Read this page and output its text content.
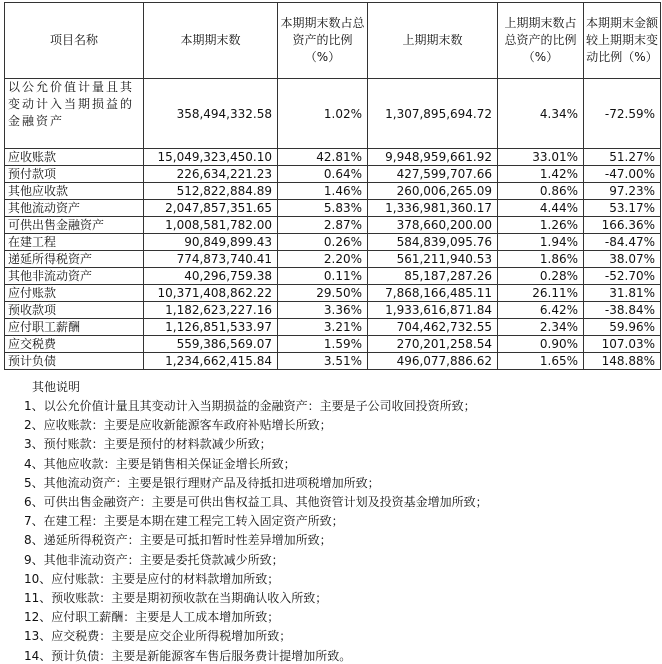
项目名称	本期期末数	本期期末数占总资产的比例（%）	上期期末数	上期期末数占总资产的比例（%）	本期期末金额较上期期末变动比例（%）
以公允价值计量且其变动计入当期损益的金融资产	358,494,332.58	1.02%	1,307,895,694.72	4.34%	-72.59%
应收账款	15,049,323,450.10	42.81%	9,948,959,661.92	33.01%	51.27%
预付款项	226,634,221.23	0.64%	427,599,707.66	1.42%	-47.00%
其他应收款	512,822,884.89	1.46%	260,006,265.09	0.86%	97.23%
其他流动资产	2,047,857,351.65	5.83%	1,336,981,360.17	4.44%	53.17%
可供出售金融资产	1,008,581,782.00	2.87%	378,660,200.00	1.26%	166.36%
在建工程	90,849,899.43	0.26%	584,839,095.76	1.94%	-84.47%
递延所得税资产	774,873,740.41	2.20%	561,211,940.53	1.86%	38.07%
其他非流动资产	40,296,759.38	0.11%	85,187,287.26	0.28%	-52.70%
应付账款	10,371,408,862.22	29.50%	7,868,166,485.11	26.11%	31.81%
预收款项	1,182,623,227.16	3.36%	1,933,616,871.84	6.42%	-38.84%
应付职工薪酬	1,126,851,533.97	3.21%	704,462,732.55	2.34%	59.96%
应交税费	559,386,569.07	1.59%	270,201,258.54	0.90%	107.03%
预计负债	1,234,662,415.84	3.51%	496,077,886.62	1.65%	148.88%
其他说明
1、以公允价值计量且其变动计入当期损益的金融资产：主要是子公司收回投资所致；
2、应收账款：主要是应收新能源客车政府补贴增长所致；
3、预付账款：主要是预付的材料款减少所致；
4、其他应收款：主要是销售相关保证金增长所致；
5、其他流动资产：主要是银行理财产品及待抵扣进项税增加所致；
6、可供出售金融资产：主要是可供出售权益工具、其他资管计划及投资基金增加所致；
7、在建工程：主要是本期在建工程完工转入固定资产所致；
8、递延所得税资产：主要是可抵扣暂时性差异增加所致；
9、其他非流动资产：主要是委托贷款减少所致；
10、应付账款：主要是应付的材料款增加所致；
11、预收账款：主要是期初预收款在当期确认收入所致；
12、应付职工薪酬：主要是人工成本增加所致；
13、应交税费：主要是应交企业所得税增加所致；
14、预计负债：主要是新能源客车售后服务费计提增加所致。
